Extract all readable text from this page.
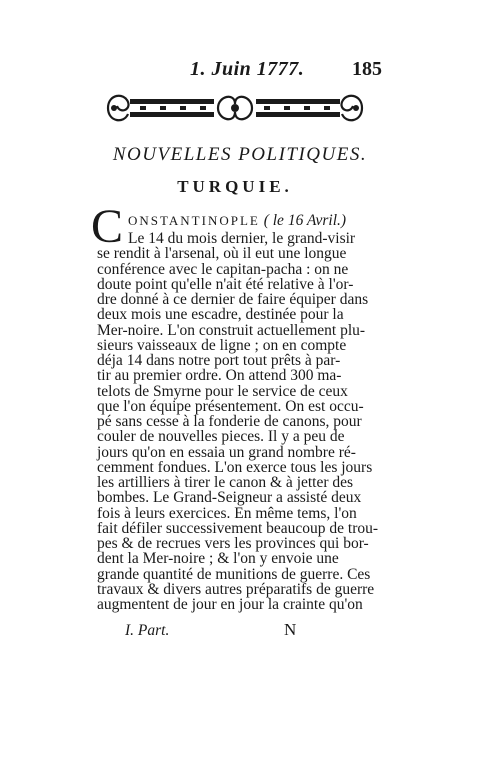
1. Juin 1777. 185
NOUVELLES POLITIQUES.
TURQUIE.
C ONSTANTINOPLE ( le 16 Avril.)
I. Part.	N
Le 14 du mois dernier, le grand-visir
se rendit à l'arsenal, où il eut une longue
conférence avec le capitan-pacha : on ne
doute point qu'elle n'ait été relative à l'or-
dre donné à ce dernier de faire équiper dans
deux mois une escadre, destinée pour la
Mer-noire. L'on construit actuellement plu-
sieurs vaisseaux de ligne ; on en compte
déja 14 dans notre port tout prêts à par-
tir au premier ordre. On attend 300 ma-
telots de Smyrne pour le service de ceux
que l'on équipe présentement. On est occu-
pé sans cesse à la fonderie de canons, pour
couler de nouvelles pieces. Il y a peu de
jours qu'on en essaia un grand nombre ré-
cemment fondues. L'on exerce tous les jours
les artilliers à tirer le canon & à jetter des
bombes. Le Grand-Seigneur a assisté deux
fois à leurs exercices. En même tems, l'on
fait défiler successivement beaucoup de trou-
pes & de recrues vers les provinces qui bor-
dent la Mer-noire ; & l'on y envoie une
grande quantité de munitions de guerre. Ces
travaux & divers autres préparatifs de guerre
augmentent de jour en jour la crainte qu'on
